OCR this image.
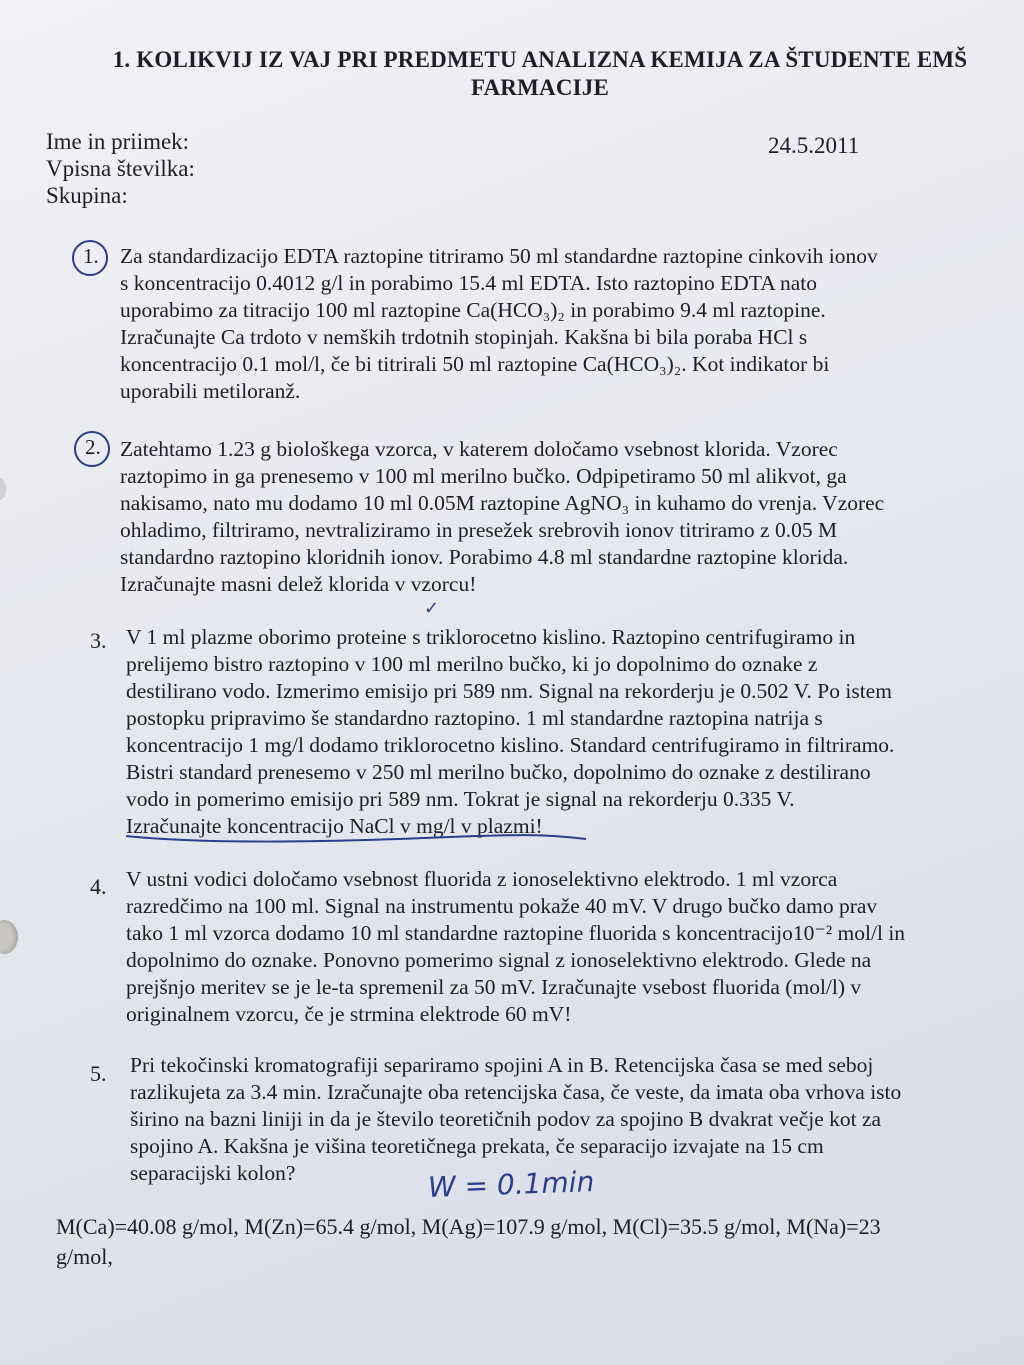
1. KOLIKVIJ IZ VAJ PRI PREDMETU ANALIZNA KEMIJA ZA ŠTUDENTE EMŠ
FARMACIJE
Ime in priimek:
Vpisna številka:
Skupina:
24.5.2011
1. Za standardizacijo EDTA raztopine titriramo 50 ml standardne raztopine cinkovih ionov
s koncentracijo 0.4012 g/l in porabimo 15.4 ml EDTA. Isto raztopino EDTA nato
uporabimo za titracijo 100 ml raztopine Ca(HCO₃)₂ in porabimo 9.4 ml raztopine.
Izračunajte Ca trdoto v nemških trdotnih stopinjah. Kakšna bi bila poraba HCl s
koncentracijo 0.1 mol/l, če bi titrirali 50 ml raztopine Ca(HCO₃)₂. Kot indikator bi
uporabili metiloranž.
2. Zatehtamo 1.23 g biološkega vzorca, v katerem določamo vsebnost klorida. Vzorec
raztopimo in ga prenesemo v 100 ml merilno bučko. Odpipetiramo 50 ml alikvot, ga
nakisamo, nato mu dodamo 10 ml 0.05M raztopine AgNO₃ in kuhamo do vrenja. Vzorec
ohladimo, filtriramo, nevtraliziramo in presežek srebrovih ionov titriramo z 0.05 M
standardno raztopino kloridnih ionov. Porabimo 4.8 ml standardne raztopine klorida.
Izračunajte masni delež klorida v vzorcu!
✓
3. V 1 ml plazme oborimo proteine s triklorocetno kislino. Raztopino centrifugiramo in
prelijemo bistro raztopino v 100 ml merilno bučko, ki jo dopolnimo do oznake z
destilirano vodo. Izmerimo emisijo pri 589 nm. Signal na rekorderju je 0.502 V. Po istem
postopku pripravimo še standardno raztopino. 1 ml standardne raztopina natrija s
koncentracijo 1 mg/l dodamo triklorocetno kislino. Standard centrifugiramo in filtriramo.
Bistri standard prenesemo v 250 ml merilno bučko, dopolnimo do oznake z destilirano
vodo in pomerimo emisijo pri 589 nm. Tokrat je signal na rekorderju 0.335 V.
Izračunajte koncentracijo NaCl v mg/l v plazmi!
4. V ustni vodici določamo vsebnost fluorida z ionoselektivno elektrodo. 1 ml vzorca
razredčimo na 100 ml. Signal na instrumentu pokaže 40 mV. V drugo bučko damo prav
tako 1 ml vzorca dodamo 10 ml standardne raztopine fluorida s koncentracijo10⁻² mol/l in
dopolnimo do oznake. Ponovno pomerimo signal z ionoselektivno elektrodo. Glede na
prejšnjo meritev se je le-ta spremenil za 50 mV. Izračunajte vsebost fluorida (mol/l) v
originalnem vzorcu, če je strmina elektrode 60 mV!
5. Pri tekočinski kromatografiji separiramo spojini A in B. Retencijska časa se med seboj
razlikujeta za 3.4 min. Izračunajte oba retencijska časa, če veste, da imata oba vrhova isto
širino na bazni liniji in da je število teoretičnih podov za spojino B dvakrat večje kot za
spojino A. Kakšna je višina teoretičnega prekata, če separacijo izvajate na 15 cm
separacijski kolon?	W = 0.1min
M(Ca)=40.08 g/mol, M(Zn)=65.4 g/mol, M(Ag)=107.9 g/mol, M(Cl)=35.5 g/mol, M(Na)=23
g/mol,
